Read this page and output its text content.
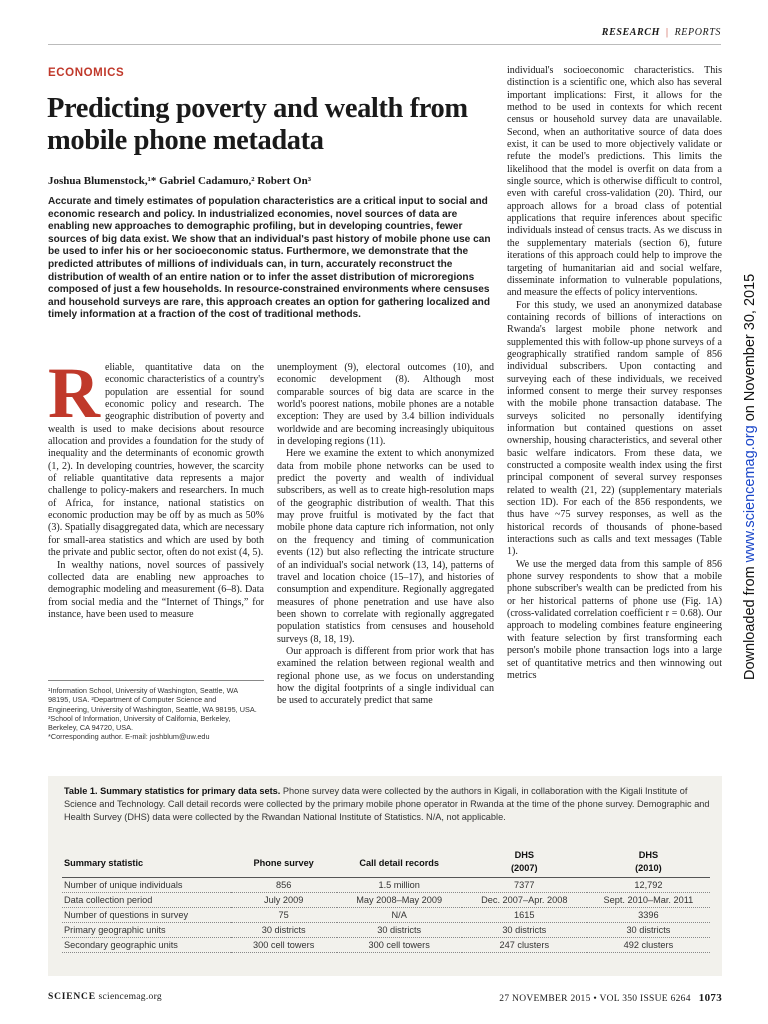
RESEARCH | REPORTS
ECONOMICS
Predicting poverty and wealth from mobile phone metadata
Joshua Blumenstock,¹* Gabriel Cadamuro,² Robert On³

Accurate and timely estimates of population characteristics are a critical input to social and economic research and policy. In industrialized economies, novel sources of data are enabling new approaches to demographic profiling, but in developing countries, fewer sources of big data exist. We show that an individual's past history of mobile phone use can be used to infer his or her socioeconomic status. Furthermore, we demonstrate that the predicted attributes of millions of individuals can, in turn, accurately reconstruct the distribution of wealth of an entire nation or to infer the asset distribution of microregions composed of just a few households. In resource-constrained environments where censuses and household surveys are rare, this approach creates an option for gathering localized and timely information at a fraction of the cost of traditional methods.

R eliable, quantitative data on the economic characteristics of a country's population are essential for sound economic policy and research. The geographic distribution of poverty and wealth is used to make decisions about resource allocation and provides a foundation for the study of inequality and the determinants of economic growth (1, 2). In developing countries, however, the scarcity of reliable quantitative data represents a major challenge to policy-makers and researchers. In much of Africa, for instance, national statistics on economic production may be off by as much as 50% (3). Spatially disaggregated data, which are necessary for small-area statistics and which are used by both the private and public sector, often do not exist (4, 5).

In wealthy nations, novel sources of passively collected data are enabling new approaches to demographic modeling and measurement (6–8). Data from social media and the “Internet of Things,” for instance, have been used to measure

¹Information School, University of Washington, Seattle, WA 98195, USA. ²Department of Computer Science and Engineering, University of Washington, Seattle, WA 98195, USA. ³School of Information, University of California, Berkeley, Berkeley, CA 94720, USA.

*Corresponding author. E-mail: joshblum@uw.edu

unemployment (9), electoral outcomes (10), and economic development (8). Although most comparable sources of big data are scarce in the world's poorest nations, mobile phones are a notable exception: They are used by 3.4 billion individuals worldwide and are becoming increasingly ubiquitous in developing regions (11).

Here we examine the extent to which anonymized data from mobile phone networks can be used to predict the poverty and wealth of individual subscribers, as well as to create high-resolution maps of the geographic distribution of wealth. That this may prove fruitful is motivated by the fact that mobile phone data capture rich information, not only on the frequency and timing of communication events (12) but also reflecting the intricate structure of an individual's social network (13, 14), patterns of travel and location choice (15–17), and histories of consumption and expenditure. Regionally aggregated measures of phone penetration and use have also been shown to correlate with regionally aggregated population statistics from censuses and household surveys (8, 18, 19).

Our approach is different from prior work that has examined the relation between regional wealth and regional phone use, as we focus on understanding how the digital footprints of a single individual can be used to accurately predict that same

individual's socioeconomic characteristics. This distinction is a scientific one, which also has several important implications: First, it allows for the method to be used in contexts for which recent census or household survey data are unavailable. Second, when an authoritative source of data does exist, it can be used to more objectively validate or refute the model's predictions. This limits the likelihood that the model is overfit on data from a single source, which is otherwise difficult to control, even with careful cross-validation (20). Third, our approach allows for a broad class of potential applications that require inferences about specific individuals instead of census tracts. As we discuss in the supplementary materials (section 6), future iterations of this approach could help to improve the targeting of humanitarian aid and social welfare, disseminate information to vulnerable populations, and measure the effects of policy interventions.

For this study, we used an anonymized database containing records of billions of interactions on Rwanda's largest mobile phone network and supplemented this with follow-up phone surveys of a geographically stratified random sample of 856 individual subscribers. Upon contacting and surveying each of these individuals, we received informed consent to merge their survey responses with the mobile phone transaction database. The surveys solicited no personally identifying information but contained questions on asset ownership, housing characteristics, and several other basic welfare indicators. From these data, we constructed a composite wealth index using the first principal component of several survey responses related to wealth (21, 22) (supplementary materials section 1D). For each of the 856 respondents, we thus have ~75 survey responses, as well as the historical records of thousands of phone-based interactions such as calls and text messages (Table 1).

We use the merged data from this sample of 856 phone survey respondents to show that a mobile phone subscriber's wealth can be predicted from his or her historical patterns of phone use (Fig. 1A) (cross-validated correlation coefficient r = 0.68). Our approach to modeling combines feature engineering with feature selection by first transforming each person's mobile phone transaction logs into a large set of quantitative metrics and then winnowing out metrics	Downloaded from www.sciencemag.org on November 30, 2015

Table 1. Summary statistics for primary data sets. Phone survey data were collected by the authors in Kigali, in collaboration with the Kigali Institute of Science and Technology. Call detail records were collected by the primary mobile phone operator in Rwanda at the time of the phone survey. Demographic and Health Survey (DHS) data were collected by the Rwandan National Institute of Statistics. N/A, not applicable.

Summary statistic	Phone survey	Call detail records	DHS	DHS
			(2007)	(2010)
Number of unique individuals	856	1.5 million	7377	12,792
Data collection period	July 2009	May 2008–May 2009	Dec. 2007–Apr. 2008	Sept. 2010–Mar. 2011
Number of questions in survey	75	N/A	1615	3396
Primary geographic units	30 districts	30 districts	30 districts	30 districts
Secondary geographic units	300 cell towers	300 cell towers	247 clusters	492 clusters
SCIENCE sciencemag.org	27 NOVEMBER 2015 • VOL 350 ISSUE 6264 1073
